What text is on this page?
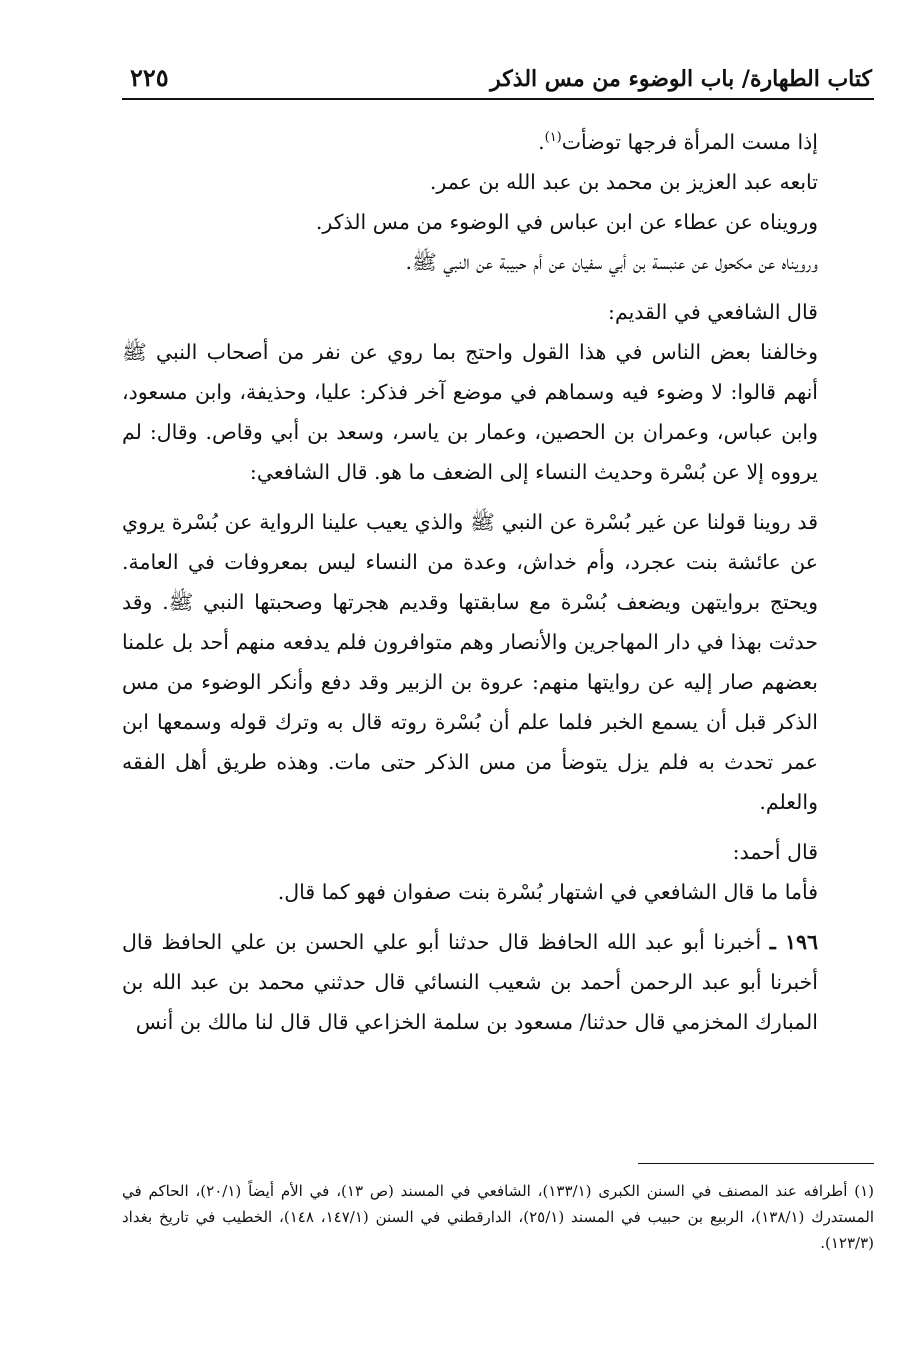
٢٢٥	كتاب الطهارة/ باب الوضوء من مس الذكر

إذا مست المرأة فرجها توضأت$^{(١)}$.

تابعه عبد العزيز بن محمد بن عبد الله بن عمر.

ورويناه عن عطاء عن ابن عباس في الوضوء من مس الذكر.

ورويناه عن مكحول عن عنبسة بن أبي سفيان عن أم حبيبة عن النبي ﷺ.

قال الشافعي في القديم:

وخالفنا بعض الناس في هذا القول واحتج بما روي عن نفر من أصحاب النبي ﷺ أنهم قالوا: لا وضوء فيه وسماهم في موضع آخر فذكر: عليا، وحذيفة، وابن مسعود، وابن عباس، وعمران بن الحصين، وعمار بن ياسر، وسعد بن أبي وقاص. وقال: لم يرووه إلا عن بُسْرة وحديث النساء إلى الضعف ما هو. قال الشافعي:

قد روينا قولنا عن غير بُسْرة عن النبي ﷺ والذي يعيب علينا الرواية عن بُسْرة يروي عن عائشة بنت عجرد، وأم خداش، وعدة من النساء ليس بمعروفات في العامة. ويحتج بروايتهن ويضعف بُسْرة مع سابقتها وقديم هجرتها وصحبتها النبي ﷺ. وقد حدثت بهذا في دار المهاجرين والأنصار وهم متوافرون فلم يدفعه منهم أحد بل علمنا بعضهم صار إليه عن روايتها منهم: عروة بن الزبير وقد دفع وأنكر الوضوء من مس الذكر قبل أن يسمع الخبر فلما علم أن بُسْرة روته قال به وترك قوله وسمعها ابن عمر تحدث به فلم يزل يتوضأ من مس الذكر حتى مات. وهذه طريق أهل الفقه والعلم.

قال أحمد:

فأما ما قال الشافعي في اشتهار بُسْرة بنت صفوان فهو كما قال.

١٩٦ ـ أخبرنا أبو عبد الله الحافظ قال حدثنا أبو علي الحسن بن علي الحافظ قال أخبرنا أبو عبد الرحمن أحمد بن شعيب النسائي قال حدثني محمد بن عبد الله بن المبارك المخزمي قال حدثنا/ مسعود بن سلمة الخزاعي قال قال لنا مالك بن أنس

(١) أطرافه عند المصنف في السنن الكبرى (١٣٣/١)، الشافعي في المسند (ص ١٣)، في الأم أيضاً (٢٠/١)، الحاكم في المستدرك (١٣٨/١)، الربيع بن حبيب في المسند (٢٥/١)، الدارقطني في السنن (١٤٧/١، ١٤٨)، الخطيب في تاريخ بغداد (١٢٣/٣).
